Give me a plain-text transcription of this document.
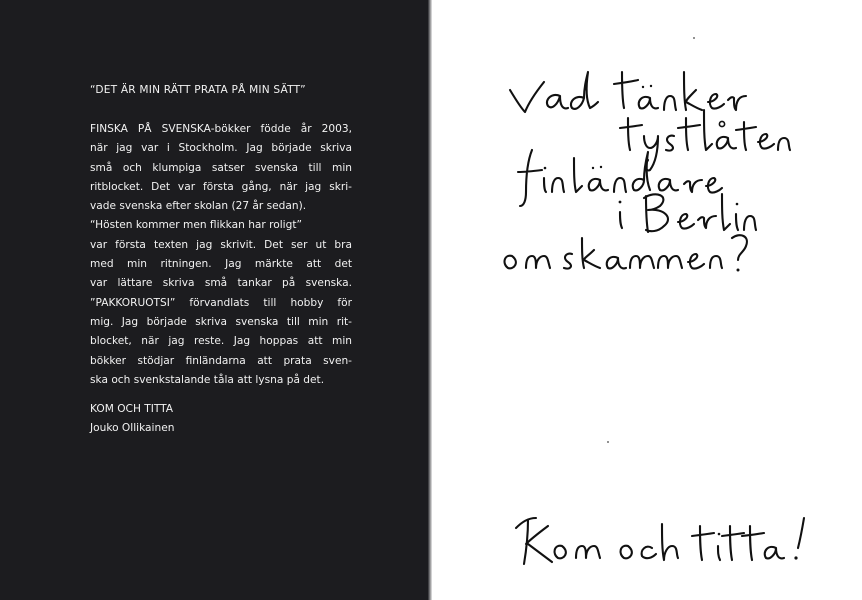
“DET ÄR MIN RÄTT PRATA PÅ MIN SÄTT”
FINSKA PÅ SVENSKA-bökker födde år 2003,
när jag var i Stockholm. Jag började skriva
små och klumpiga satser svenska till min
ritblocket. Det var första gång, när jag skri-
vade svenska efter skolan (27 år sedan).
“Hösten kommer men flikkan har roligt”
var första texten jag skrivit. Det ser ut bra
med min ritningen. Jag märkte att det
var lättare skriva små tankar på svenska.
”PAKKORUOTSI” förvandlats till hobby för
mig. Jag började skriva svenska till min rit-
blocket, när jag reste. Jag hoppas att min
bökker stödjar finländarna att prata sven-
ska och svenkstalande tåla att lysna på det.
KOM OCH TITTA
Jouko Ollikainen
